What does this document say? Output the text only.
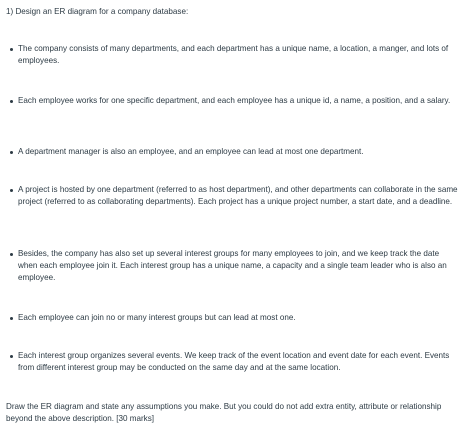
1) Design an ER diagram for a company database:

The company consists of many departments, and each department has a unique name, a location, a manger, and lots of employees.
Each employee works for one specific department, and each employee has a unique id, a name, a position, and a salary.
A department manager is also an employee, and an employee can lead at most one department.
A project is hosted by one department (referred to as host department), and other departments can collaborate in the same project (referred to as collaborating departments). Each project has a unique project number, a start date, and a deadline.
Besides, the company has also set up several interest groups for many employees to join, and we keep track the date when each employee join it. Each interest group has a unique name, a capacity and a single team leader who is also an employee.
Each employee can join no or many interest groups but can lead at most one.
Each interest group organizes several events. We keep track of the event location and event date for each event. Events from different interest group may be conducted on the same day and at the same location.

Draw the ER diagram and state any assumptions you make. But you could do not add extra entity, attribute or relationship beyond the above description. [30 marks]
